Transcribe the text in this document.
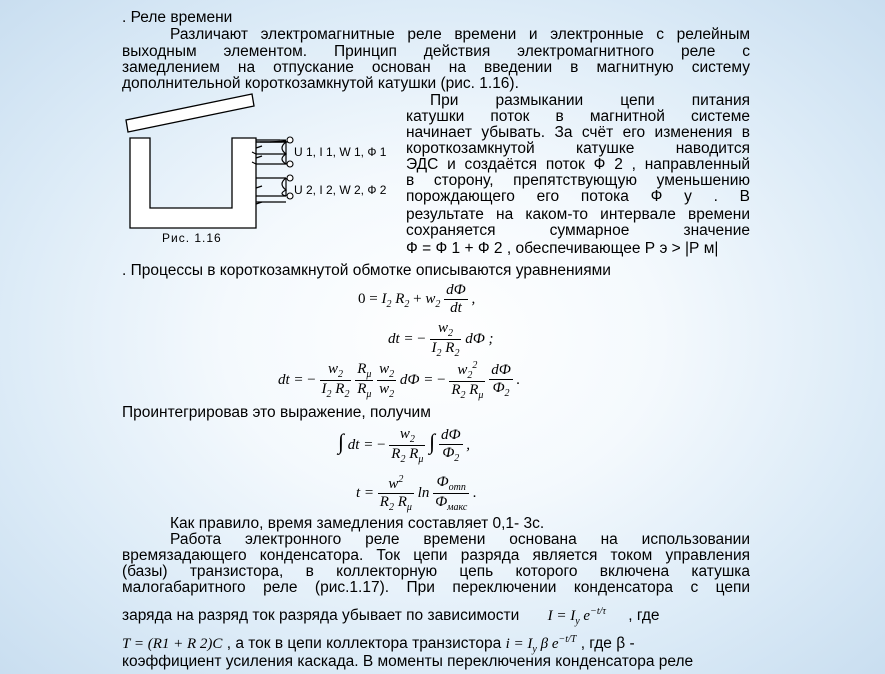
. Реле времени
Различают электромагнитные реле времени и электронные с релейным
выходным элементом. Принцип действия электромагнитного реле с
замедлением на отпускание основан на введении в магнитную систему
дополнительной короткозамкнутой катушки (рис. 1.16).
U 1, I 1, W 1, Ф 1
U 2, I 2, W 2, Ф 2
Рис. 1.16
При размыкании цепи питания
катушки поток в магнитной системе
начинает убывать. За счёт его изменения в
короткозамкнутой катушке наводится
ЭДС и создаётся поток Ф 2 , направленный
в сторону, препятствующую уменьшению
порождающего его потока Ф у . В
результате на каком-то интервале времени
сохраняется суммарное значение
Ф = Ф 1 + Ф 2 , обеспечивающее Р э > |Р м|
. Процессы в короткозамкнутой обмотке описываются уравнениями
$0 = I_2$ $R_2 + w_2 \frac{dФ}{dt}$ ,
dt = − $\frac{w_2}{I_2 R_2}$ dФ ;
dt = − $\frac{w_2}{I_2 R_2}$
$\frac{R_\mu}{R_\mu}$
$\frac{w_2}{w_2}$ dФ = − $\frac{w_2^2}{R_2 R_\mu}$
$\frac{dФ}{Ф_2}$ .
Проинтегрировав это выражение, получим
∫ dt = − $\frac{w_2}{R_2 R_\mu}$ ∫ $\frac{dФ}{Ф_2}$ ,
$t = \frac{w^2}{R_2 R_\mu}$ $\ln \frac{Ф_{отп}}{Ф_{макс}}$ .
Как правило, время замедления составляет 0,1- 3с.
Работа электронного реле времени основана на использовании
времязадающего конденсатора. Ток цепи разряда является током управления
(базы) транзистора, в коллекторную цепь которого включена катушка
малогабаритного реле (рис.1.17). При переключении конденсатора с цепи
заряда на разряд ток разряда убывает по зависимости $I = I_y$ $e^{-t/\tau}$ , где
T = (R1 + R 2)C , а ток в цепи коллектора транзистора $i = I_y$ β $e^{-t/T}$ , где β -
коэффициент усиления каскада. В моменты переключения конденсатора реле
